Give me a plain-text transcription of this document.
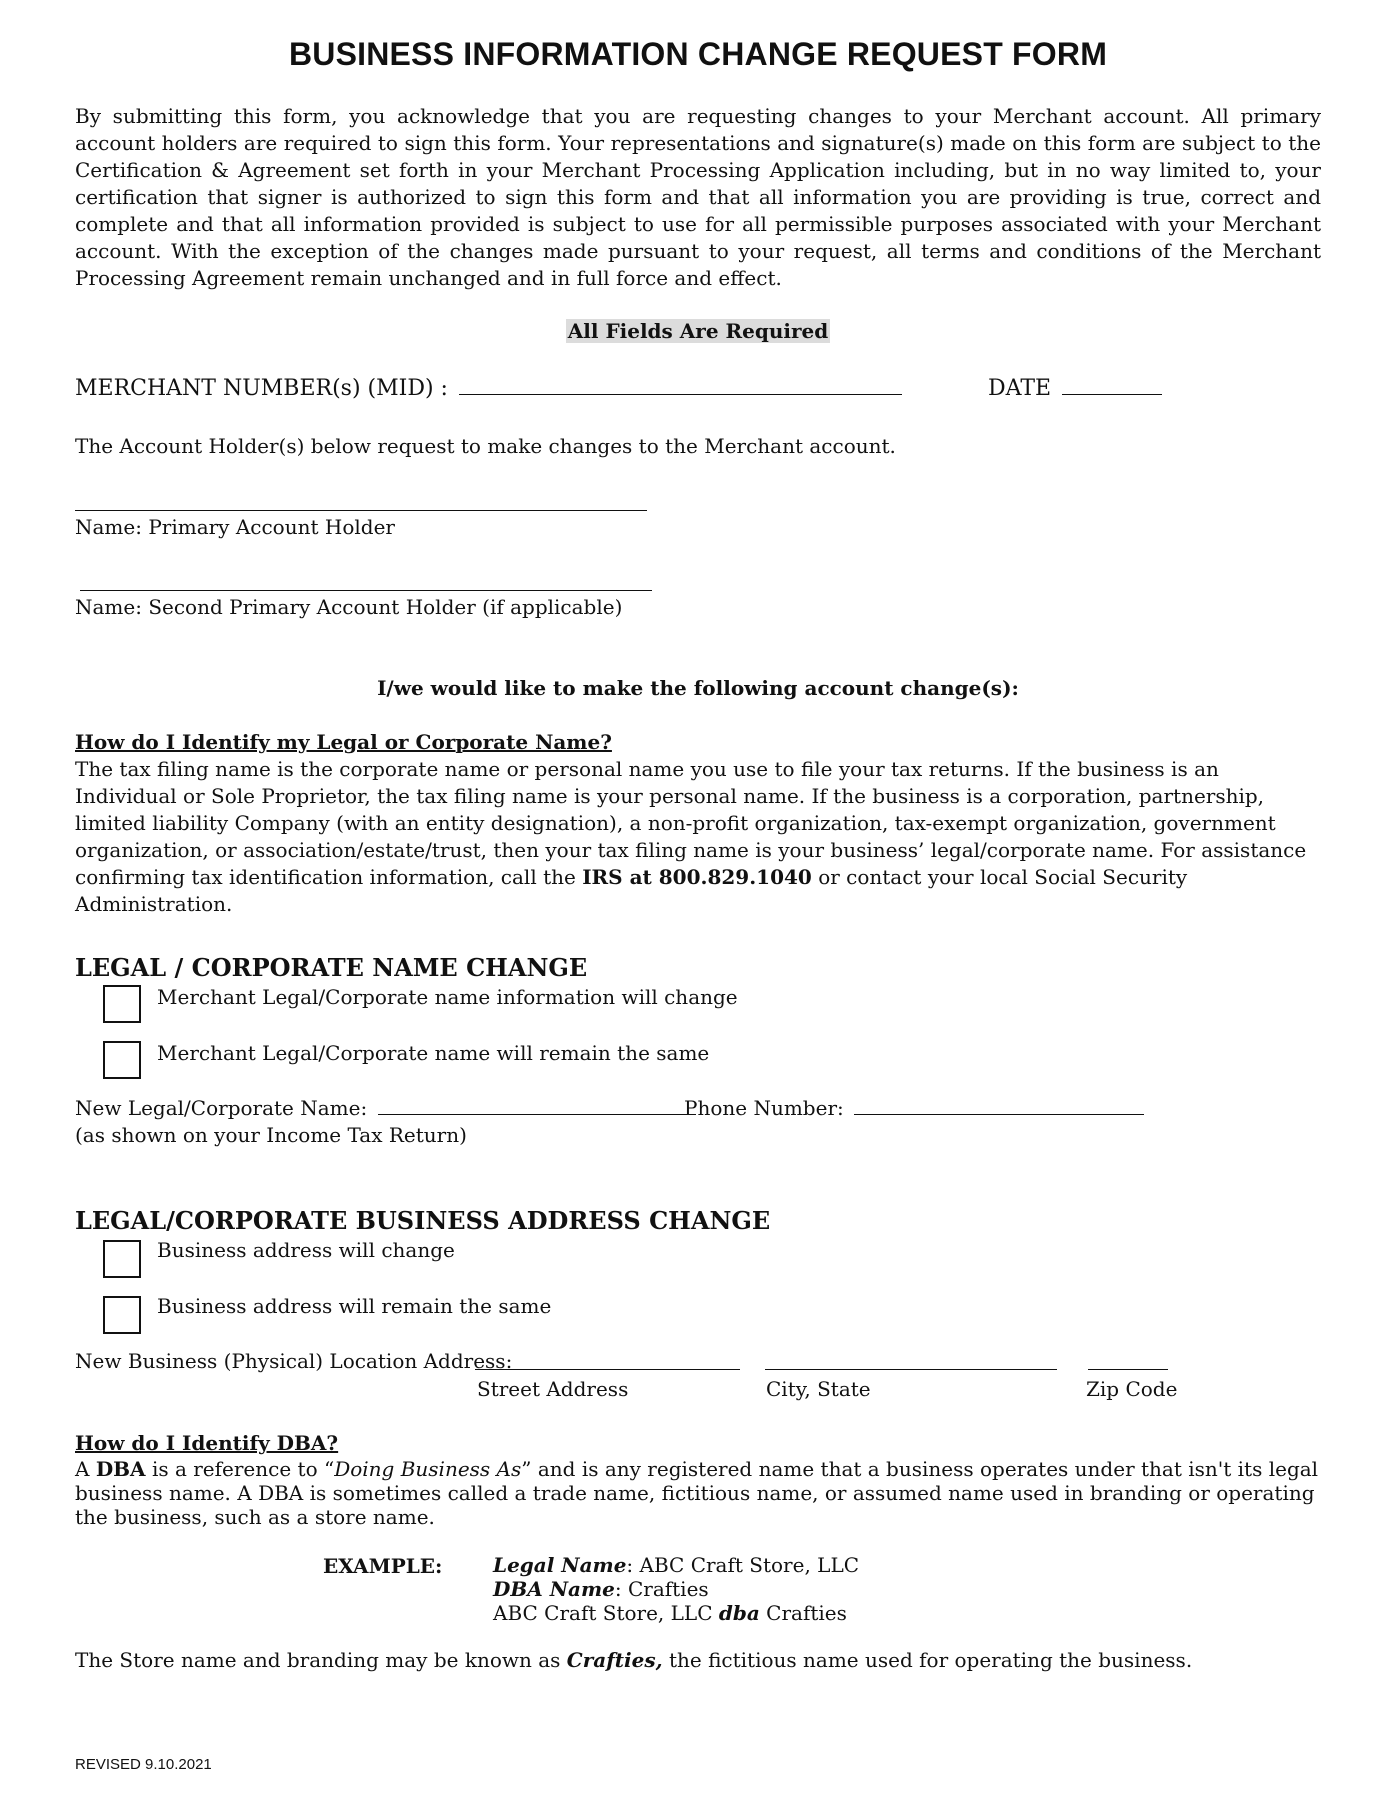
BUSINESS INFORMATION CHANGE REQUEST FORM
By submitting this form, you acknowledge that you are requesting changes to your Merchant account. All primary account holders are required to sign this form. Your representations and signature(s) made on this form are subject to the Certification & Agreement set forth in your Merchant Processing Application including, but in no way limited to, your certification that signer is authorized to sign this form and that all information you are providing is true, correct and complete and that all information provided is subject to use for all permissible purposes associated with your Merchant account. With the exception of the changes made pursuant to your request, all terms and conditions of the Merchant Processing Agreement remain unchanged and in full force and effect.
All Fields Are Required
MERCHANT NUMBER(s) (MID) :	DATE
The Account Holder(s) below request to make changes to the Merchant account.
Name: Primary Account Holder
Name: Second Primary Account Holder (if applicable)
I/we would like to make the following account change(s):
How do I Identify my Legal or Corporate Name?
The tax filing name is the corporate name or personal name you use to file your tax returns. If the business is an Individual or Sole Proprietor, the tax filing name is your personal name. If the business is a corporation, partnership, limited liability Company (with an entity designation), a non-profit organization, tax-exempt organization, government organization, or association/estate/trust, then your tax filing name is your business’ legal/corporate name. For assistance confirming tax identification information, call the IRS at 800.829.1040 or contact your local Social Security Administration.
LEGAL / CORPORATE NAME CHANGE
Merchant Legal/Corporate name information will change
Merchant Legal/Corporate name will remain the same
New Legal/Corporate Name:
(as shown on your Income Tax Return)
Phone Number:
LEGAL/CORPORATE BUSINESS ADDRESS CHANGE
Business address will change
Business address will remain the same
New Business (Physical) Location Address:
Street Address	City, State	Zip Code
How do I Identify DBA?
A DBA is a reference to “Doing Business As” and is any registered name that a business operates under that isn't its legal business name. A DBA is sometimes called a trade name, fictitious name, or assumed name used in branding or operating the business, such as a store name.
EXAMPLE:	Legal Name: ABC Craft Store, LLC
DBA Name: Crafties
ABC Craft Store, LLC dba Crafties
The Store name and branding may be known as Crafties, the fictitious name used for operating the business.
REVISED 9.10.2021
